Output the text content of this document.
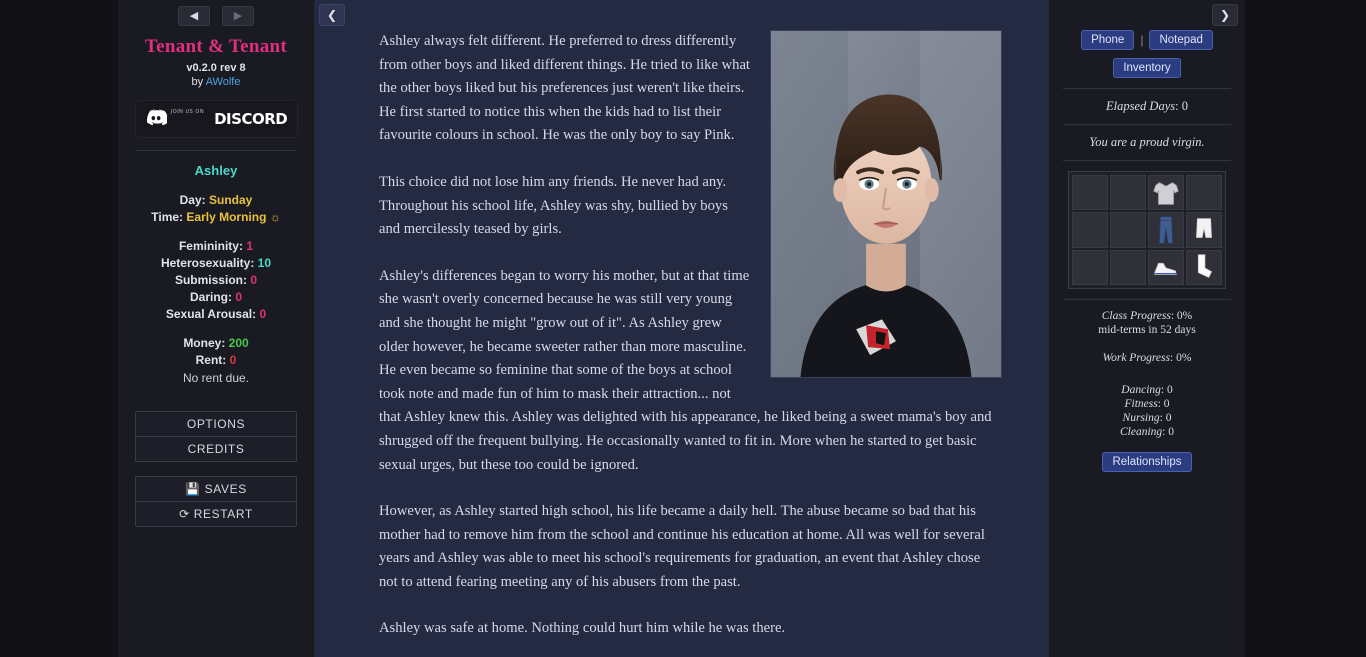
◀	▶
Tenant & Tenant
v0.2.0 rev 8
by AWolfe
JOIN US ON DISCORD
Ashley
Day: Sunday
Time: Early Morning ☼
Femininity: 1
Heterosexuality: 10
Submission: 0
Daring: 0
Sexual Arousal: 0
Money: 200
Rent: 0
No rent due.
OPTIONS
CREDITS
💾 SAVES
⟳ RESTART
❮

Ashley always felt different. He preferred to dress differently from other boys and liked different things. He tried to like what the other boys liked but his preferences just weren't like theirs. He first started to notice this when the kids had to list their favourite colours in school. He was the only boy to say Pink.

This choice did not lose him any friends. He never had any. Throughout his school life, Ashley was shy, bullied by boys and mercilessly teased by girls.

Ashley's differences began to worry his mother, but at that time she wasn't overly concerned because he was still very young and she thought he might "grow out of it". As Ashley grew older however, he became sweeter rather than more masculine. He even became so feminine that some of the boys at school took note and made fun of him to mask their attraction... not that Ashley knew this. Ashley was delighted with his appearance, he liked being a sweet mama's boy and shrugged off the frequent bullying. He occasionally wanted to fit in. More when he started to get basic sexual urges, but these too could be ignored.

However, as Ashley started high school, his life became a daily hell. The abuse became so bad that his mother had to remove him from the school and continue his education at home. All was well for several years and Ashley was able to meet his school's requirements for graduation, an event that Ashley chose not to attend fearing meeting any of his abusers from the past.

Ashley was safe at home. Nothing could hurt him while he was there.

❯
Phone	|	Notepad
Inventory
Elapsed Days: 0
You are a proud virgin.
Class Progress: 0%
mid-terms in 52 days
Work Progress: 0%
Dancing: 0
Fitness: 0
Nursing: 0
Cleaning: 0
Relationships
